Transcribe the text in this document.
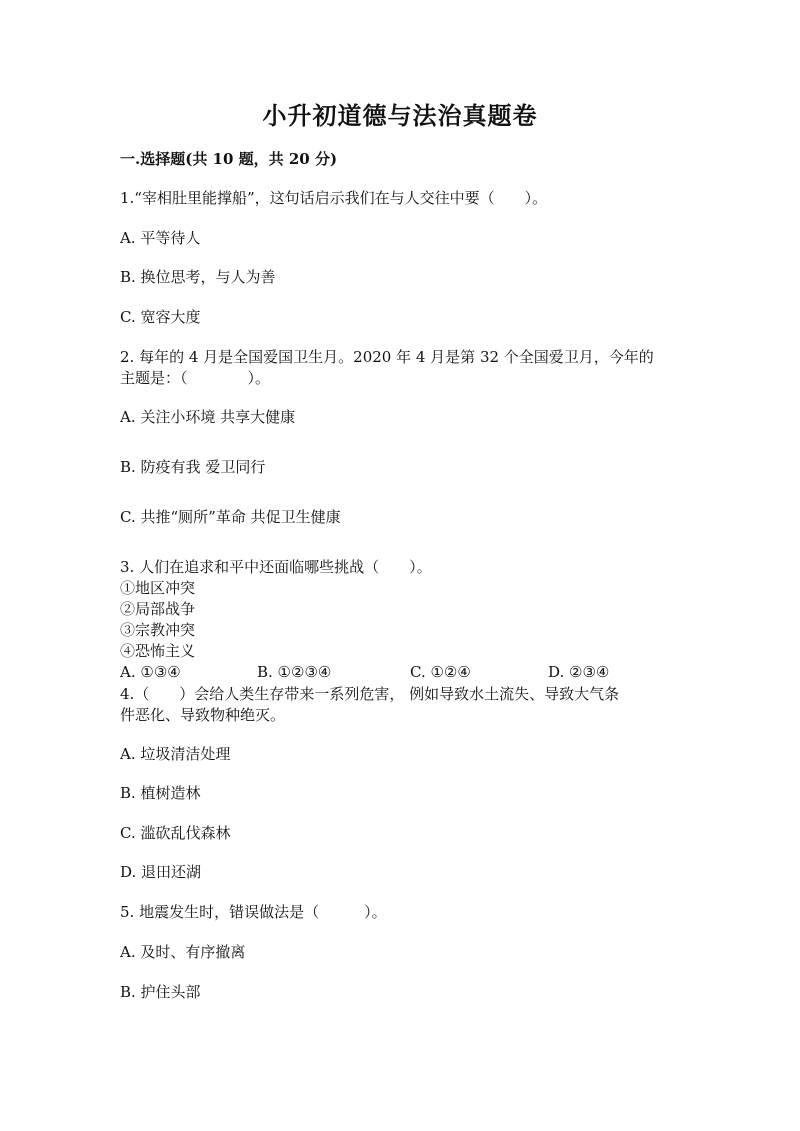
小升初道德与法治真题卷
一.选择题(共 10 题，共 20 分)
1.“宰相肚里能撑船”，这句话启示我们在与人交往中要（　　）。
A. 平等待人
B. 换位思考，与人为善
C. 宽容大度
2. 每年的 4 月是全国爱国卫生月。2020 年 4 月是第 32 个全国爱卫月，今年的
主题是：（　　　　）。
A. 关注小环境 共享大健康
B. 防疫有我 爱卫同行
C. 共推“厕所”革命 共促卫生健康
3. 人们在追求和平中还面临哪些挑战（　　）。
①地区冲突
②局部战争
③宗教冲突
④恐怖主义
A. ①③④	B. ①②③④	C. ①②④	D. ②③④
4.（　　）会给人类生存带来一系列危害， 例如导致水土流失、导致大气条
件恶化、导致物种绝灭。
A. 垃圾清洁处理
B. 植树造林
C. 滥砍乱伐森林
D. 退田还湖
5. 地震发生时，错误做法是（　　　）。
A. 及时、有序撤离
B. 护住头部
